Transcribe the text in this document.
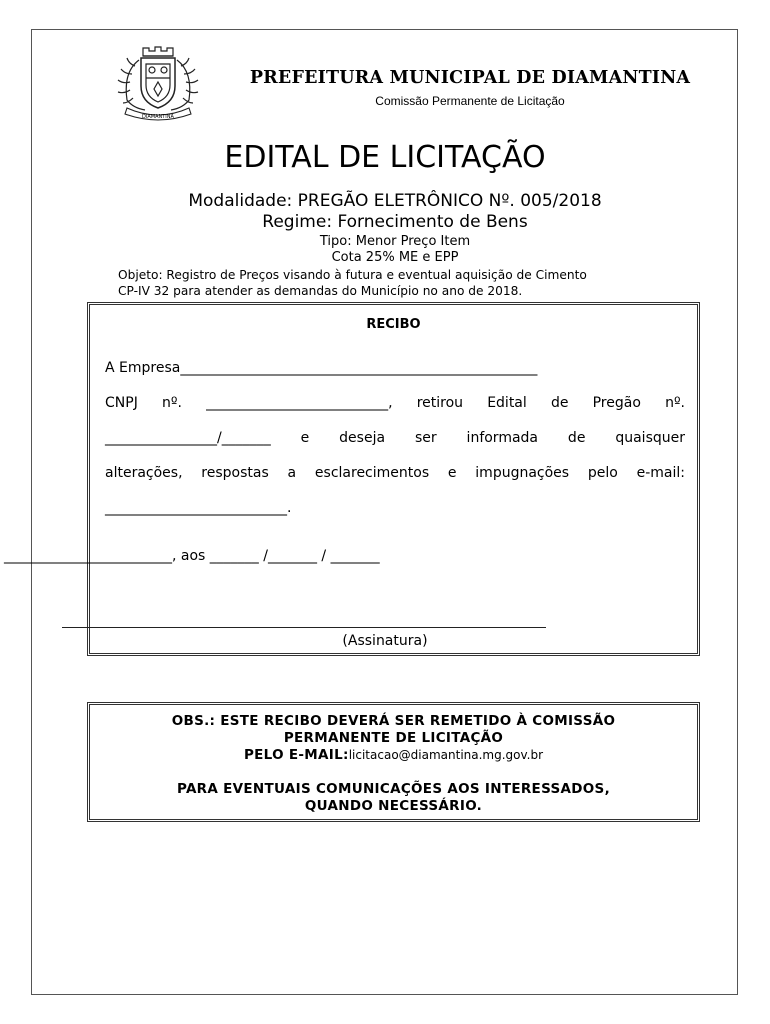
DIAMANTINA
PREFEITURA MUNICIPAL DE DIAMANTINA
Comissão Permanente de Licitação
EDITAL DE LICITAÇÃO
Modalidade: PREGÃO ELETRÔNICO Nº. 005/2018
Regime: Fornecimento de Bens
Tipo: Menor Preço Item
Cota 25% ME e EPP
Objeto: Registro de Preços visando à futura e eventual aquisição de Cimento
CP-IV 32 para atender as demandas do Município no ano de 2018.
RECIBO
A Empresa___________________________________________________
CNPJ nº. __________________________, retirou Edital de Pregão nº.
________________/_______ e deseja ser informada de quaisquer
alterações, respostas a esclarecimentos e impugnações pelo e-mail:
__________________________.
________________________, aos _______ /_______ / _______
(Assinatura)
OBS.: ESTE RECIBO DEVERÁ SER REMETIDO À COMISSÃO
PERMANENTE DE LICITAÇÃO
PELO E-MAIL:licitacao@diamantina.mg.gov.br
PARA EVENTUAIS COMUNICAÇÕES AOS INTERESSADOS,
QUANDO NECESSÁRIO.
